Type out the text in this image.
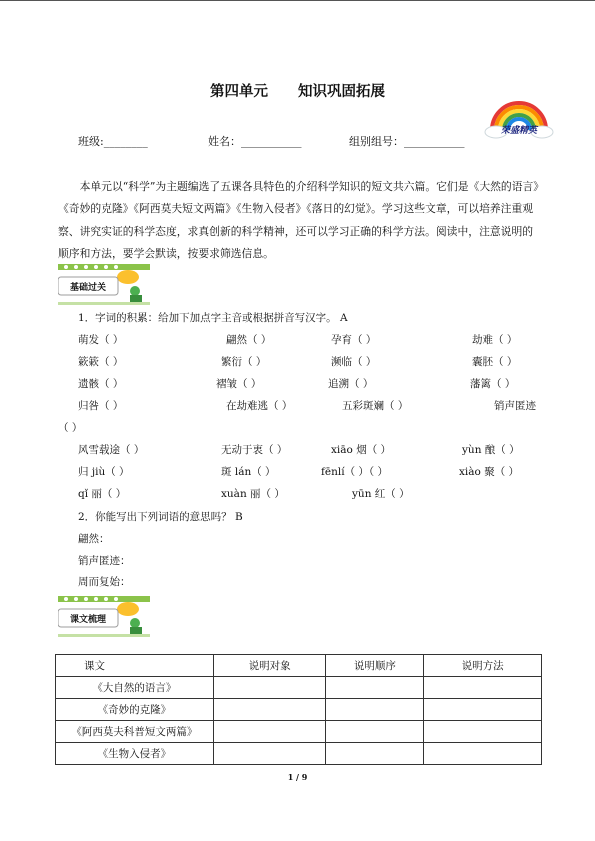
第四单元 知识巩固拓展
班级:________	姓名：___________	组别组号：___________
荣盛精英

本单元以“科学”为主题编选了五课各具特色的介绍科学知识的短文共六篇。它们是《大然的语言》《奇妙的克隆》《阿西莫夫短文两篇》《生物入侵者》《落日的幻觉》。学习这些文章，可以培养注重观察、讲究实证的科学态度，求真创新的科学精神，还可以学习正确的科学方法。阅读中，注意说明的顺序和方法，要学会默读，按要求筛选信息。

基础过关
1．字词的积累：给加下加点字主音或根据拼音写汉字。 A
萌发（ ）	翩然（ ）	孕育（ ）	劫难（ ）
簌簌（ ）	繁衍（ ）	濒临（ ）	囊胚（ ）
遗骸（ ）	褶皱（ ）	追溯（ ）	藩篱（ ）
归咎（ ）	在劫难逃（ ）	五彩斑斓（ ）	销声匿迹
（ ）
风雪载途（ ）	无动于衷（ ）	xiāo 烟（ ）	yùn 酿（ ）
归 jiù（ ）	斑 lán（ ）	fēnlí（ ）（ ）	xiào 聚（ ）
qǐ 丽（ ）	xuàn 丽（ ）	yūn 红（ ）
2．你能写出下列词语的意思吗？ B
翩然：
销声匿迹：
周而复始：
课文梳理
课文	说明对象	说明顺序	说明方法
《大自然的语言》			
《奇妙的克隆》			
《阿西莫夫科普短文两篇》			
《生物入侵者》			
1 / 9
